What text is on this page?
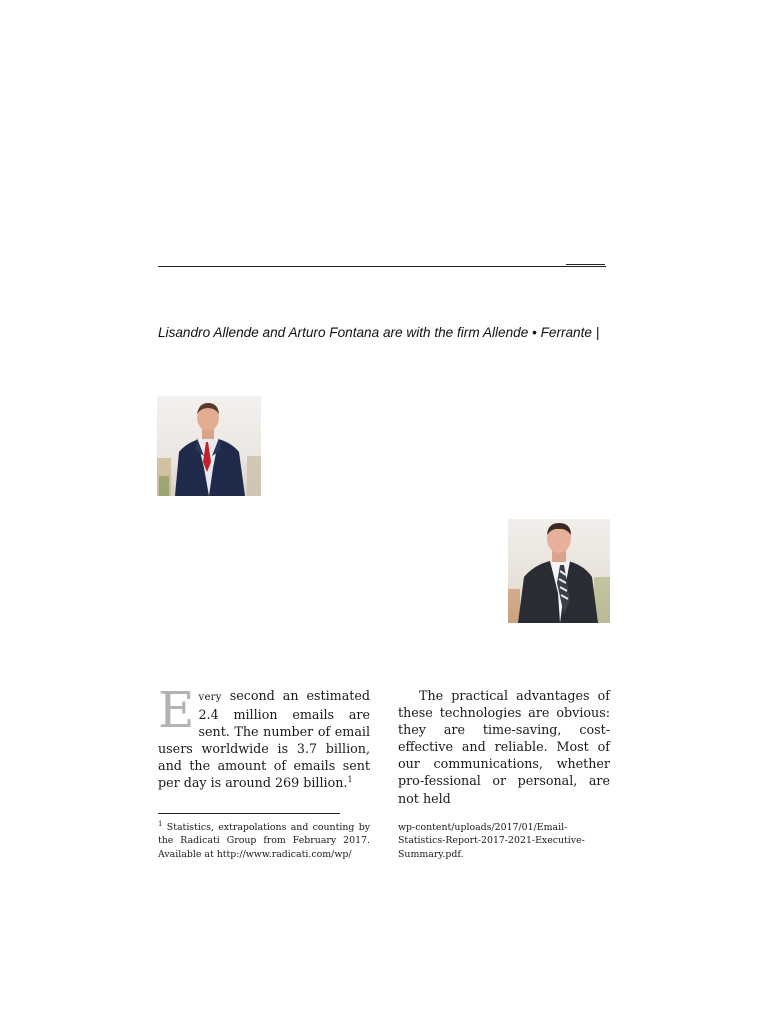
Lisandro Allende and Arturo Fontana are with the firm Allende • Ferrante |
Every second an estimated 2.4 million emails are sent. The number of email users worldwide is 3.7 billion, and the amount of emails sent per day is around 269 billion.$^1$

The practical advantages of these technologies are obvious: they are time-saving, cost-effective and reliable. Most of our communications, whether pro-fessional or personal, are not held

$^1$ Statistics, extrapolations and counting by the Radicati Group from February 2017. Available at http://www.radicati.com/wp/
wp-content/uploads/2017/01/Email-Statistics-Report-2017-2021-Executive-Summary.pdf.
